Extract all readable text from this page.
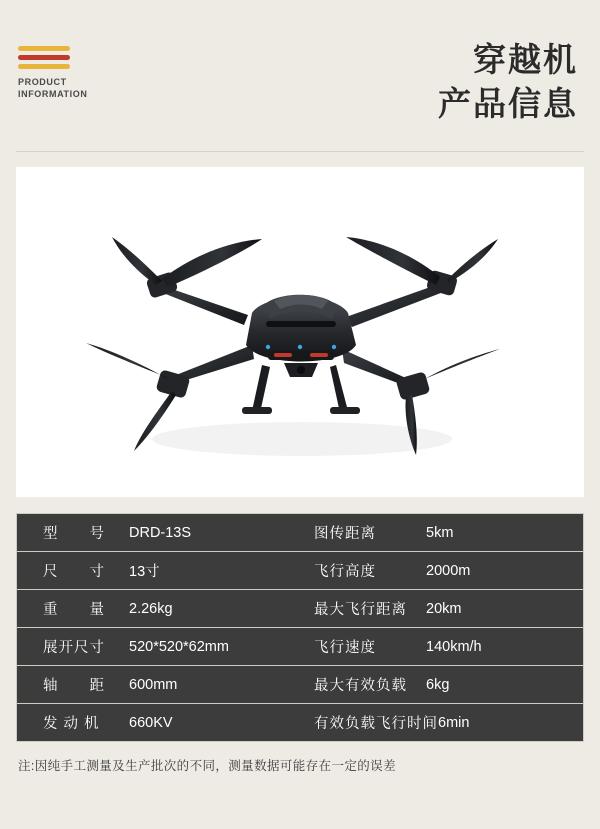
PRODUCT
INFORMATION
穿越机
产品信息
型　　号	DRD-13S	图传距离	5km
尺　　寸	13寸	飞行高度	2000m
重　　量	2.26kg	最大飞行距离	20km
展开尺寸	520*520*62mm	飞行速度	140km/h
轴　　距	600mm	最大有效负载	6kg
发 动 机	660KV	有效负载飞行时间 6min
注:因纯手工测量及生产批次的不同，测量数据可能存在一定的误差
